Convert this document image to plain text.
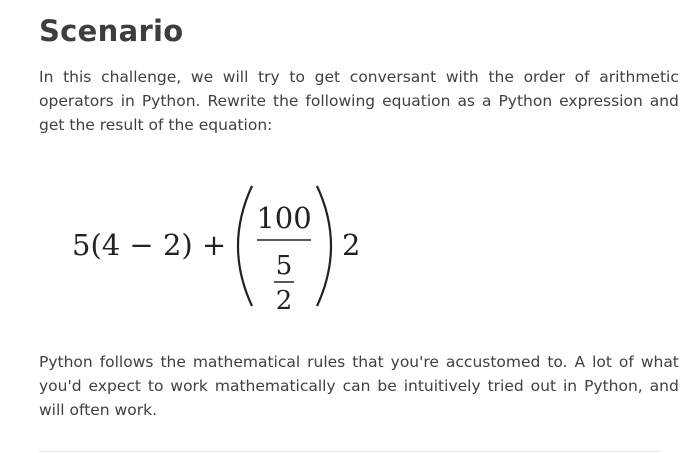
Scenario

In this challenge, we will try to get conversant with the order of arithmetic
operators in Python. Rewrite the following equation as a Python expression and
get the result of the equation:

Python follows the mathematical rules that you're accustomed to. A lot of what
you'd expect to work mathematically can be intuitively tried out in Python, and
will often work.

5(4 − 2) +
100
5
2
2
